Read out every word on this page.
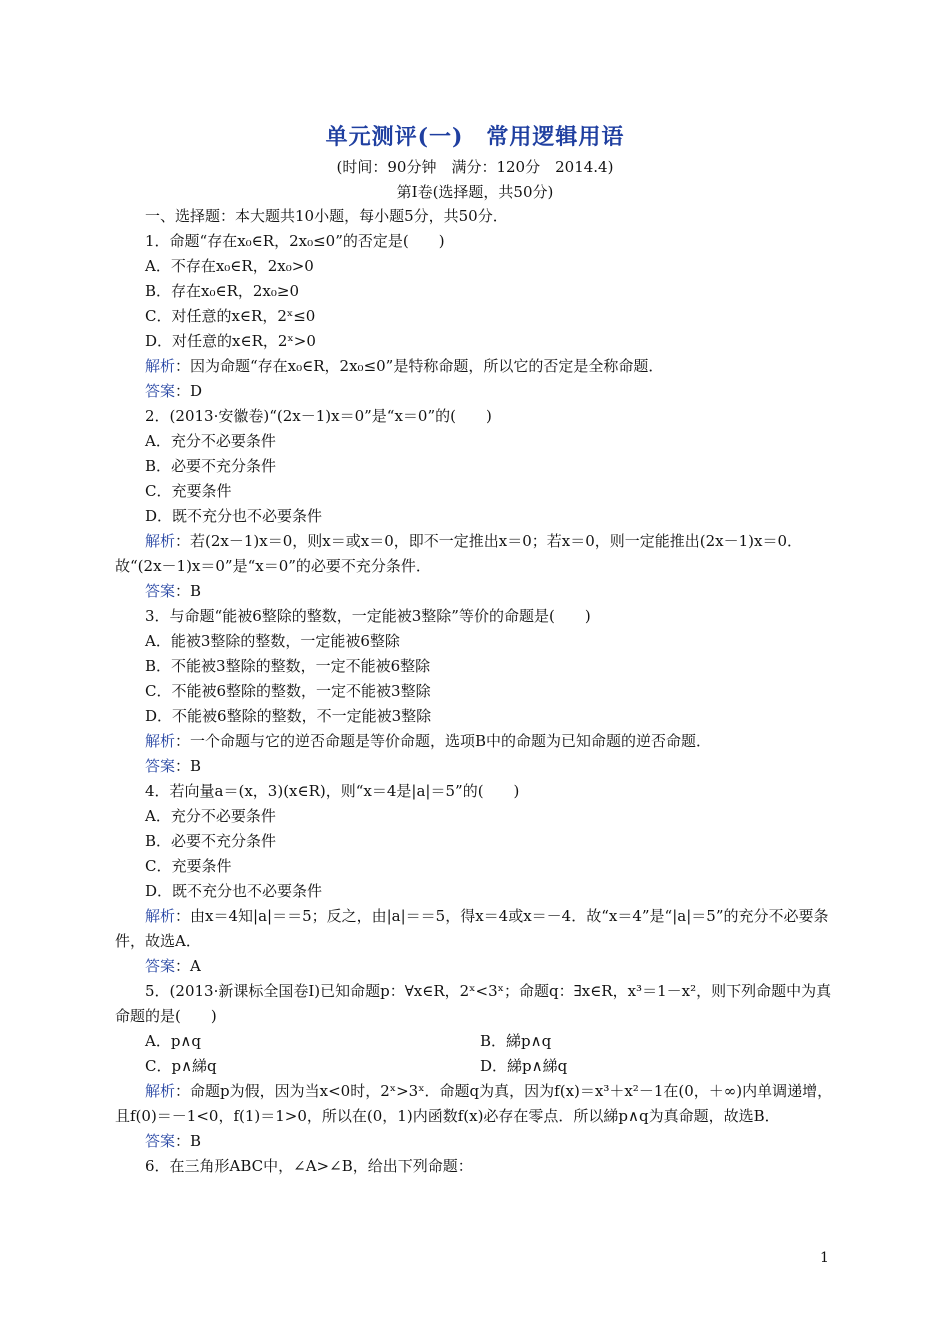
单元测评(一)　常用逻辑用语
(时间：90分钟　满分：120分　2014.4)
第Ⅰ卷(选择题，共50分)
一、选择题：本大题共10小题，每小题5分，共50分．
1．命题“存在x₀∈R，2x₀≤0”的否定是(　　)
A．不存在x₀∈R，2x₀>0
B．存在x₀∈R，2x₀≥0
C．对任意的x∈R，2ˣ≤0
D．对任意的x∈R，2ˣ>0
解析：因为命题“存在x₀∈R，2x₀≤0”是特称命题，所以它的否定是全称命题．
答案：D
2．(2013·安徽卷)“(2x－1)x＝0”是“x＝0”的(　　)
A．充分不必要条件
B．必要不充分条件
C．充要条件
D．既不充分也不必要条件
解析：若(2x－1)x＝0，则x＝或x＝0，即不一定推出x＝0；若x＝0，则一定能推出(2x－1)x＝0．故“(2x－1)x＝0”是“x＝0”的必要不充分条件．
答案：B
3．与命题“能被6整除的整数，一定能被3整除”等价的命题是(　　)
A．能被3整除的整数，一定能被6整除
B．不能被3整除的整数，一定不能被6整除
C．不能被6整除的整数，一定不能被3整除
D．不能被6整除的整数，不一定能被3整除
解析：一个命题与它的逆否命题是等价命题，选项B中的命题为已知命题的逆否命题．
答案：B
4．若向量a＝(x，3)(x∈R)，则“x＝4是|a|＝5”的(　　)
A．充分不必要条件
B．必要不充分条件
C．充要条件
D．既不充分也不必要条件
解析：由x＝4知|a|＝＝5；反之，由|a|＝＝5，得x＝4或x＝－4．故“x＝4”是“|a|＝5”的充分不必要条件，故选A．
答案：A
5．(2013·新课标全国卷Ⅰ)已知命题p：∀x∈R，2ˣ<3ˣ；命题q：∃x∈R，x³＝1－x²，则下列命题中为真命题的是(　　)
A．p∧q	B．綈p∧q
C．p∧綈q	D．綈p∧綈q
解析：命题p为假，因为当x<0时，2ˣ>3ˣ．命题q为真，因为f(x)＝x³＋x²－1在(0，＋∞)内单调递增，且f(0)＝－1<0，f(1)＝1>0，所以在(0，1)内函数f(x)必存在零点．所以綈p∧q为真命题，故选B．
答案：B
6．在三角形ABC中，∠A>∠B，给出下列命题：
1
